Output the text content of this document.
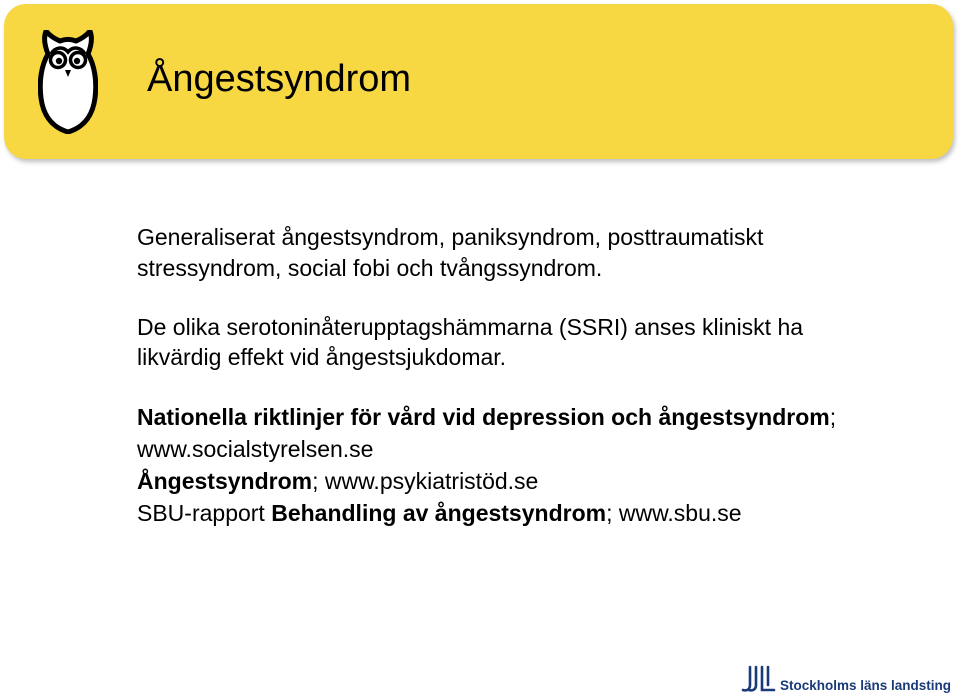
Ångestsyndrom

Generaliserat ångestsyndrom, paniksyndrom, posttraumatiskt
stressyndrom, social fobi och tvångssyndrom.

De olika serotoninåterupptagshämmarna (SSRI) anses kliniskt ha
likvärdig effekt vid ångestsjukdomar.

Nationella riktlinjer för vård vid depression och ångestsyndrom;
www.socialstyrelsen.se
Ångestsyndrom; www.psykiatristöd.se
SBU-rapport Behandling av ångestsyndrom; www.sbu.se

Stockholms läns landsting
